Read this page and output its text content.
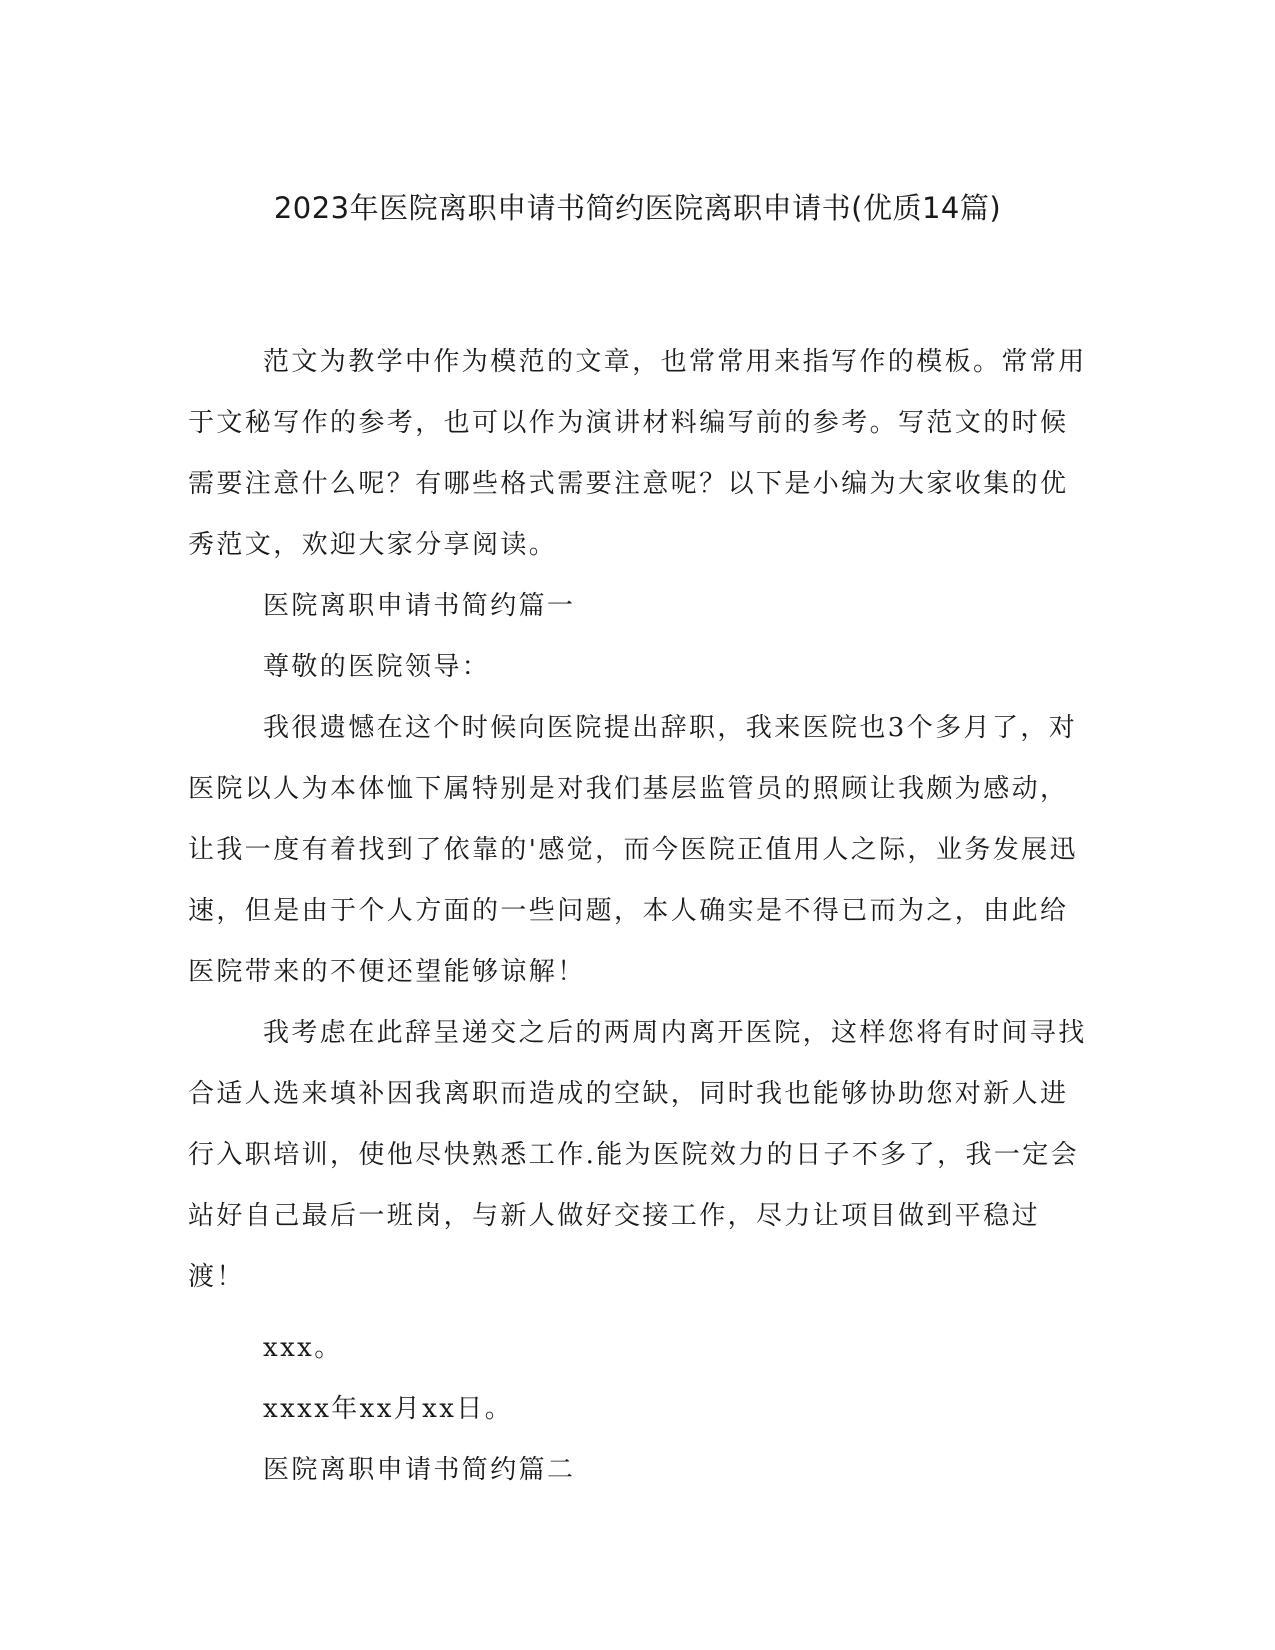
2023年医院离职申请书简约医院离职申请书(优质14篇)

范文为教学中作为模范的文章，也常常用来指写作的模板。常常用于文秘写作的参考，也可以作为演讲材料编写前的参考。写范文的时候需要注意什么呢？有哪些格式需要注意呢？以下是小编为大家收集的优秀范文，欢迎大家分享阅读。

医院离职申请书简约篇一

尊敬的医院领导：

我很遗憾在这个时候向医院提出辞职，我来医院也3个多月了，对医院以人为本体恤下属特别是对我们基层监管员的照顾让我颇为感动，让我一度有着找到了依靠的'感觉，而今医院正值用人之际，业务发展迅速，但是由于个人方面的一些问题，本人确实是不得已而为之，由此给医院带来的不便还望能够谅解！

我考虑在此辞呈递交之后的两周内离开医院，这样您将有时间寻找合适人选来填补因我离职而造成的空缺，同时我也能够协助您对新人进行入职培训，使他尽快熟悉工作.能为医院效力的日子不多了，我一定会站好自己最后一班岗，与新人做好交接工作，尽力让项目做到平稳过渡！

xxx。

xxxx年xx月xx日。

医院离职申请书简约篇二
